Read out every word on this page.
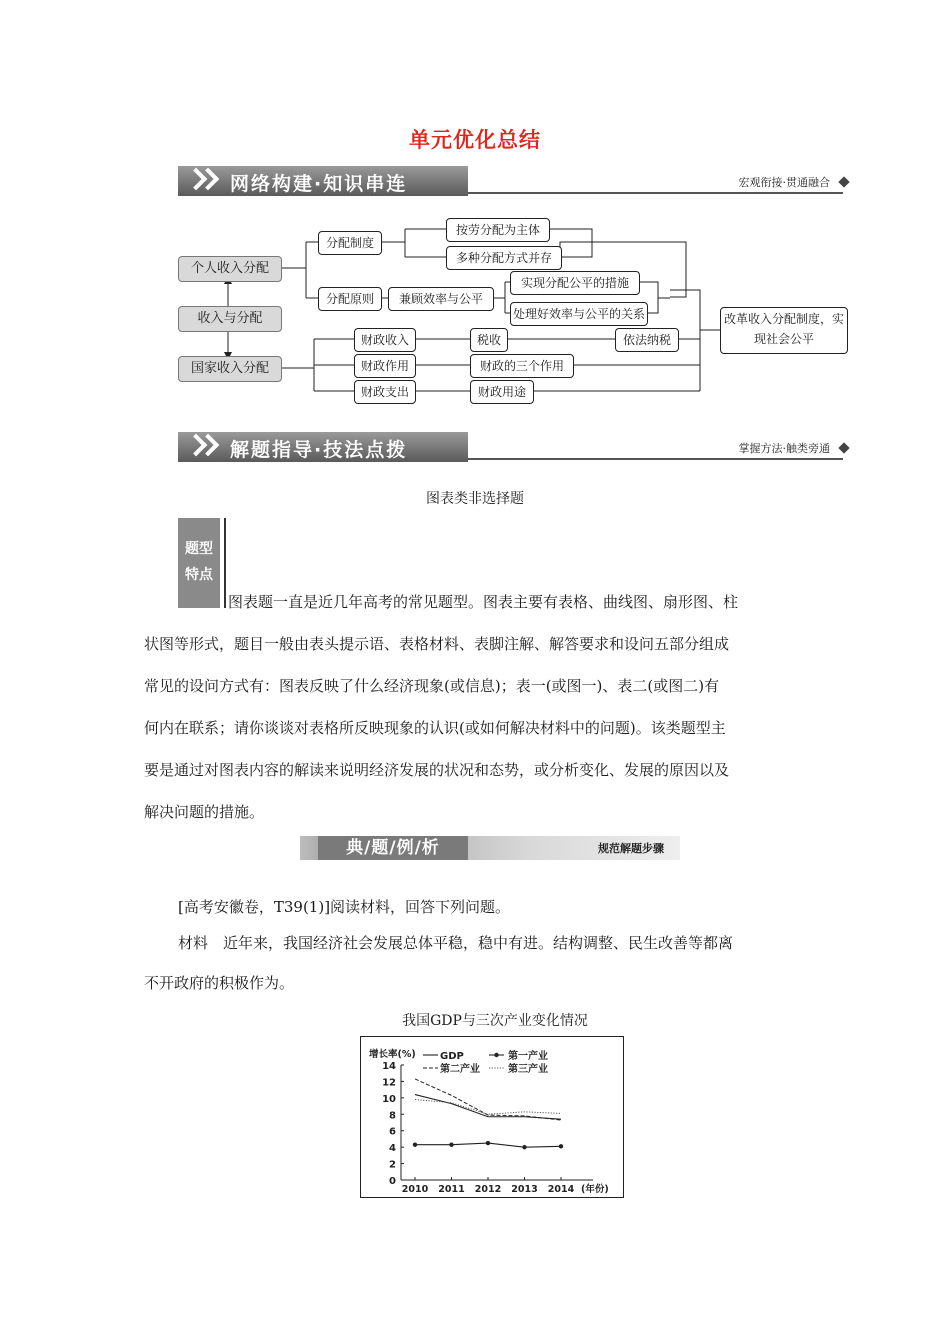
单元优化总结
网络构建·知识串连	宏观衔接·贯通融合
个人收入分配
收入与分配
国家收入分配
分配制度
分配原则
按劳分配为主体
多种分配方式并存
兼顾效率与公平
实现分配公平的措施
处理好效率与公平的关系	改革收入分配制度，实现社会公平
财政收入
财政作用
财政支出
税收	依法纳税
财政的三个作用
财政用途
解题指导·技法点拨	掌握方法·触类旁通
图表类非选择题
题型
特点
图表题一直是近几年高考的常见题型。图表主要有表格、曲线图、扇形图、柱
状图等形式，题目一般由表头提示语、表格材料、表脚注解、解答要求和设问五部分组成
常见的设问方式有：图表反映了什么经济现象(或信息)；表一(或图一)、表二(或图二)有
何内在联系；请你谈谈对表格所反映现象的认识(或如何解决材料中的问题)。该类题型主
要是通过对图表内容的解读来说明经济发展的状况和态势，或分析变化、发展的原因以及
解决问题的措施。
典/题/例/析	规范解题步骤
[高考安徽卷，T39(1)]阅读材料，回答下列问题。
材料　近年来，我国经济社会发展总体平稳，稳中有进。结构调整、民生改善等都离
不开政府的积极作为。
我国GDP与三次产业变化情况
0
2
4
6
8
10
12
14
2010 2011 2012 2013 2014 (年份)
增长率(%) GDP	第一产业
第二产业	第三产业
